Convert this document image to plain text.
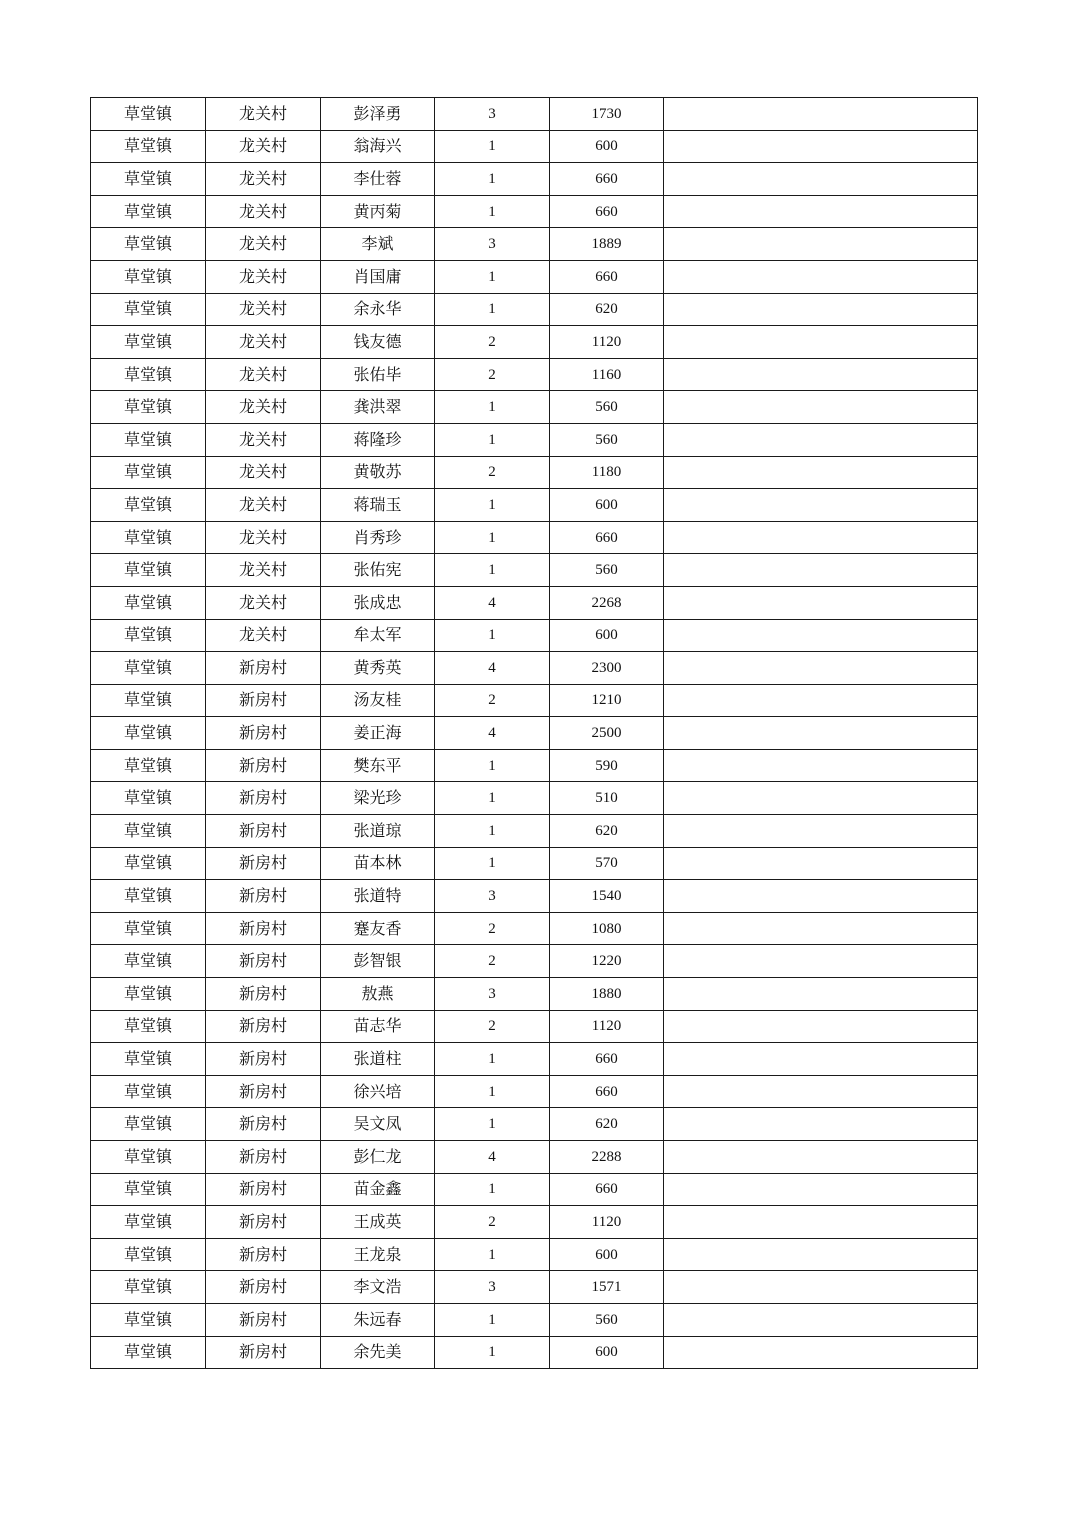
草堂镇	龙关村	彭泽勇	3	1730	
草堂镇	龙关村	翁海兴	1	600	
草堂镇	龙关村	李仕蓉	1	660	
草堂镇	龙关村	黄丙菊	1	660	
草堂镇	龙关村	李斌	3	1889	
草堂镇	龙关村	肖国庸	1	660	
草堂镇	龙关村	余永华	1	620	
草堂镇	龙关村	钱友德	2	1120	
草堂镇	龙关村	张佑毕	2	1160	
草堂镇	龙关村	龚洪翠	1	560	
草堂镇	龙关村	蒋隆珍	1	560	
草堂镇	龙关村	黄敬苏	2	1180	
草堂镇	龙关村	蒋瑞玉	1	600	
草堂镇	龙关村	肖秀珍	1	660	
草堂镇	龙关村	张佑宪	1	560	
草堂镇	龙关村	张成忠	4	2268	
草堂镇	龙关村	牟太军	1	600	
草堂镇	新房村	黄秀英	4	2300	
草堂镇	新房村	汤友桂	2	1210	
草堂镇	新房村	姜正海	4	2500	
草堂镇	新房村	樊东平	1	590	
草堂镇	新房村	梁光珍	1	510	
草堂镇	新房村	张道琼	1	620	
草堂镇	新房村	苗本林	1	570	
草堂镇	新房村	张道特	3	1540	
草堂镇	新房村	蹇友香	2	1080	
草堂镇	新房村	彭智银	2	1220	
草堂镇	新房村	敖燕	3	1880	
草堂镇	新房村	苗志华	2	1120	
草堂镇	新房村	张道柱	1	660	
草堂镇	新房村	徐兴培	1	660	
草堂镇	新房村	吴文凤	1	620	
草堂镇	新房村	彭仁龙	4	2288	
草堂镇	新房村	苗金鑫	1	660	
草堂镇	新房村	王成英	2	1120	
草堂镇	新房村	王龙泉	1	600	
草堂镇	新房村	李文浩	3	1571	
草堂镇	新房村	朱远春	1	560	
草堂镇	新房村	余先美	1	600	
